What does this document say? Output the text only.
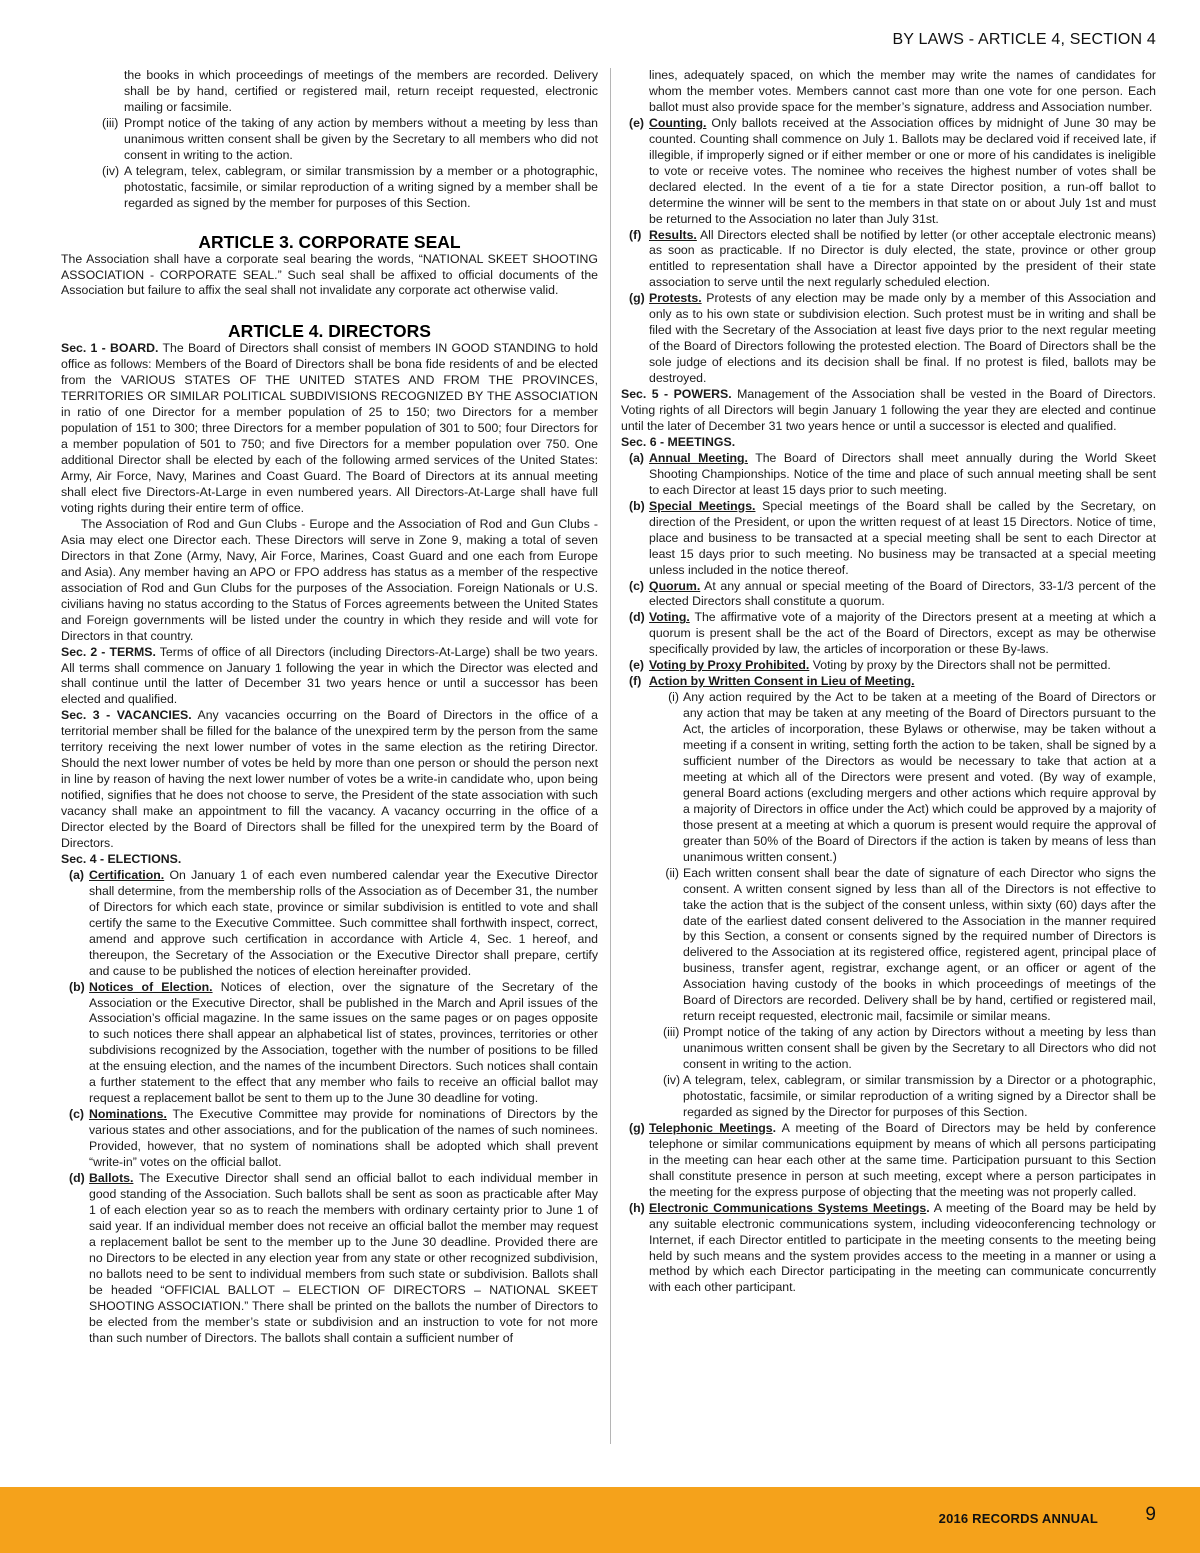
BY LAWS - ARTICLE 4, SECTION 4

the books in which proceedings of meetings of the members are recorded. Delivery shall be by hand, certified or registered mail, return receipt requested, electronic mailing or facsimile.

(iii) Prompt notice of the taking of any action by members without a meeting by less than unanimous written consent shall be given by the Secretary to all members who did not consent in writing to the action.

(iv) A telegram, telex, cablegram, or similar transmission by a member or a photographic, photostatic, facsimile, or similar reproduction of a writing signed by a member shall be regarded as signed by the member for purposes of this Section.

ARTICLE 3. CORPORATE SEAL

The Association shall have a corporate seal bearing the words, “NATIONAL SKEET SHOOTING ASSOCIATION - CORPORATE SEAL.” Such seal shall be affixed to official documents of the Association but failure to affix the seal shall not invalidate any corporate act otherwise valid.

ARTICLE 4. DIRECTORS

Sec. 1 - BOARD. The Board of Directors shall consist of members IN GOOD STANDING to hold office as follows: Members of the Board of Directors shall be bona fide residents of and be elected from the VARIOUS STATES OF THE UNITED STATES AND FROM THE PROVINCES, TERRITORIES OR SIMILAR POLITICAL SUBDIVISIONS RECOGNIZED BY THE ASSOCIATION in ratio of one Director for a member population of 25 to 150; two Directors for a member population of 151 to 300; three Directors for a member population of 301 to 500; four Directors for a member population of 501 to 750; and five Directors for a member population over 750. One additional Director shall be elected by each of the following armed services of the United States: Army, Air Force, Navy, Marines and Coast Guard. The Board of Directors at its annual meeting shall elect five Directors-At-Large in even numbered years. All Directors-At-Large shall have full voting rights during their entire term of office.

The Association of Rod and Gun Clubs - Europe and the Association of Rod and Gun Clubs - Asia may elect one Director each. These Directors will serve in Zone 9, making a total of seven Directors in that Zone (Army, Navy, Air Force, Marines, Coast Guard and one each from Europe and Asia). Any member having an APO or FPO address has status as a member of the respective association of Rod and Gun Clubs for the purposes of the Association. Foreign Nationals or U.S. civilians having no status according to the Status of Forces agreements between the United States and Foreign governments will be listed under the country in which they reside and will vote for Directors in that country.

Sec. 2 - TERMS. Terms of office of all Directors (including Directors-At-Large) shall be two years. All terms shall commence on January 1 following the year in which the Director was elected and shall continue until the latter of December 31 two years hence or until a successor has been elected and qualified.

Sec. 3 - VACANCIES. Any vacancies occurring on the Board of Directors in the office of a territorial member shall be filled for the balance of the unexpired term by the person from the same territory receiving the next lower number of votes in the same election as the retiring Director. Should the next lower number of votes be held by more than one person or should the person next in line by reason of having the next lower number of votes be a write-in candidate who, upon being notified, signifies that he does not choose to serve, the President of the state association with such vacancy shall make an appointment to fill the vacancy. A vacancy occurring in the office of a Director elected by the Board of Directors shall be filled for the unexpired term by the Board of Directors.

Sec. 4 - ELECTIONS.

(a) Certification. On January 1 of each even numbered calendar year the Executive Director shall determine, from the membership rolls of the Association as of December 31, the number of Directors for which each state, province or similar subdivision is entitled to vote and shall certify the same to the Executive Committee. Such committee shall forthwith inspect, correct, amend and approve such certification in accordance with Article 4, Sec. 1 hereof, and thereupon, the Secretary of the Association or the Executive Director shall prepare, certify and cause to be published the notices of election hereinafter provided.

(b) Notices of Election. Notices of election, over the signature of the Secretary of the Association or the Executive Director, shall be published in the March and April issues of the Association’s official magazine. In the same issues on the same pages or on pages opposite to such notices there shall appear an alphabetical list of states, provinces, territories or other subdivisions recognized by the Association, together with the number of positions to be filled at the ensuing election, and the names of the incumbent Directors. Such notices shall contain a further statement to the effect that any member who fails to receive an official ballot may request a replacement ballot be sent to them up to the June 30 deadline for voting.

(c) Nominations. The Executive Committee may provide for nominations of Directors by the various states and other associations, and for the publication of the names of such nominees. Provided, however, that no system of nominations shall be adopted which shall prevent “write-in” votes on the official ballot.

(d) Ballots. The Executive Director shall send an official ballot to each individual member in good standing of the Association. Such ballots shall be sent as soon as practicable after May 1 of each election year so as to reach the members with ordinary certainty prior to June 1 of said year. If an individual member does not receive an official ballot the member may request a replacement ballot be sent to the member up to the June 30 deadline. Provided there are no Directors to be elected in any election year from any state or other recognized subdivision, no ballots need to be sent to individual members from such state or subdivision. Ballots shall be headed “OFFICIAL BALLOT – ELECTION OF DIRECTORS – NATIONAL SKEET SHOOTING ASSOCIATION.” There shall be printed on the ballots the number of Directors to be elected from the member’s state or subdivision and an instruction to vote for not more than such number of Directors. The ballots shall contain a sufficient number of

lines, adequately spaced, on which the member may write the names of candidates for whom the member votes. Members cannot cast more than one vote for one person. Each ballot must also provide space for the member’s signature, address and Association number.

(e) Counting. Only ballots received at the Association offices by midnight of June 30 may be counted. Counting shall commence on July 1. Ballots may be declared void if received late, if illegible, if improperly signed or if either member or one or more of his candidates is ineligible to vote or receive votes. The nominee who receives the highest number of votes shall be declared elected. In the event of a tie for a state Director position, a run-off ballot to determine the winner will be sent to the members in that state on or about July 1st and must be returned to the Association no later than July 31st.

(f) Results. All Directors elected shall be notified by letter (or other acceptale electronic means) as soon as practicable. If no Director is duly elected, the state, province or other group entitled to representation shall have a Director appointed by the president of their state association to serve until the next regularly scheduled election.

(g) Protests. Protests of any election may be made only by a member of this Association and only as to his own state or subdivision election. Such protest must be in writing and shall be filed with the Secretary of the Association at least five days prior to the next regular meeting of the Board of Directors following the protested election. The Board of Directors shall be the sole judge of elections and its decision shall be final. If no protest is filed, ballots may be destroyed.

Sec. 5 - POWERS. Management of the Association shall be vested in the Board of Directors. Voting rights of all Directors will begin January 1 following the year they are elected and continue until the later of December 31 two years hence or until a successor is elected and qualified.

Sec. 6 - MEETINGS.

(a) Annual Meeting. The Board of Directors shall meet annually during the World Skeet Shooting Championships. Notice of the time and place of such annual meeting shall be sent to each Director at least 15 days prior to such meeting.

(b) Special Meetings. Special meetings of the Board shall be called by the Secretary, on direction of the President, or upon the written request of at least 15 Directors. Notice of time, place and business to be transacted at a special meeting shall be sent to each Director at least 15 days prior to such meeting. No business may be transacted at a special meeting unless included in the notice thereof.

(c) Quorum. At any annual or special meeting of the Board of Directors, 33-1/3 percent of the elected Directors shall constitute a quorum.

(d) Voting. The affirmative vote of a majority of the Directors present at a meeting at which a quorum is present shall be the act of the Board of Directors, except as may be otherwise specifically provided by law, the articles of incorporation or these By-laws.

(e) Voting by Proxy Prohibited. Voting by proxy by the Directors shall not be permitted.

(f) Action by Written Consent in Lieu of Meeting.

(i) Any action required by the Act to be taken at a meeting of the Board of Directors or any action that may be taken at any meeting of the Board of Directors pursuant to the Act, the articles of incorporation, these Bylaws or otherwise, may be taken without a meeting if a consent in writing, setting forth the action to be taken, shall be signed by a sufficient number of the Directors as would be necessary to take that action at a meeting at which all of the Directors were present and voted. (By way of example, general Board actions (excluding mergers and other actions which require approval by a majority of Directors in office under the Act) which could be approved by a majority of those present at a meeting at which a quorum is present would require the approval of greater than 50% of the Board of Directors if the action is taken by means of less than unanimous written consent.)

(ii) Each written consent shall bear the date of signature of each Director who signs the consent. A written consent signed by less than all of the Directors is not effective to take the action that is the subject of the consent unless, within sixty (60) days after the date of the earliest dated consent delivered to the Association in the manner required by this Section, a consent or consents signed by the required number of Directors is delivered to the Association at its registered office, registered agent, principal place of business, transfer agent, registrar, exchange agent, or an officer or agent of the Association having custody of the books in which proceedings of meetings of the Board of Directors are recorded. Delivery shall be by hand, certified or registered mail, return receipt requested, electronic mail, facsimile or similar means.

(iii) Prompt notice of the taking of any action by Directors without a meeting by less than unanimous written consent shall be given by the Secretary to all Directors who did not consent in writing to the action.

(iv) A telegram, telex, cablegram, or similar transmission by a Director or a photographic, photostatic, facsimile, or similar reproduction of a writing signed by a Director shall be regarded as signed by the Director for purposes of this Section.

(g) Telephonic Meetings. A meeting of the Board of Directors may be held by conference telephone or similar communications equipment by means of which all persons participating in the meeting can hear each other at the same time. Participation pursuant to this Section shall constitute presence in person at such meeting, except where a person participates in the meeting for the express purpose of objecting that the meeting was not properly called.

(h) Electronic Communications Systems Meetings. A meeting of the Board may be held by any suitable electronic communications system, including videoconferencing technology or Internet, if each Director entitled to participate in the meeting consents to the meeting being held by such means and the system provides access to the meeting in a manner or using a method by which each Director participating in the meeting can communicate concurrently with each other participant.

2016 RECORDS ANNUAL 9
